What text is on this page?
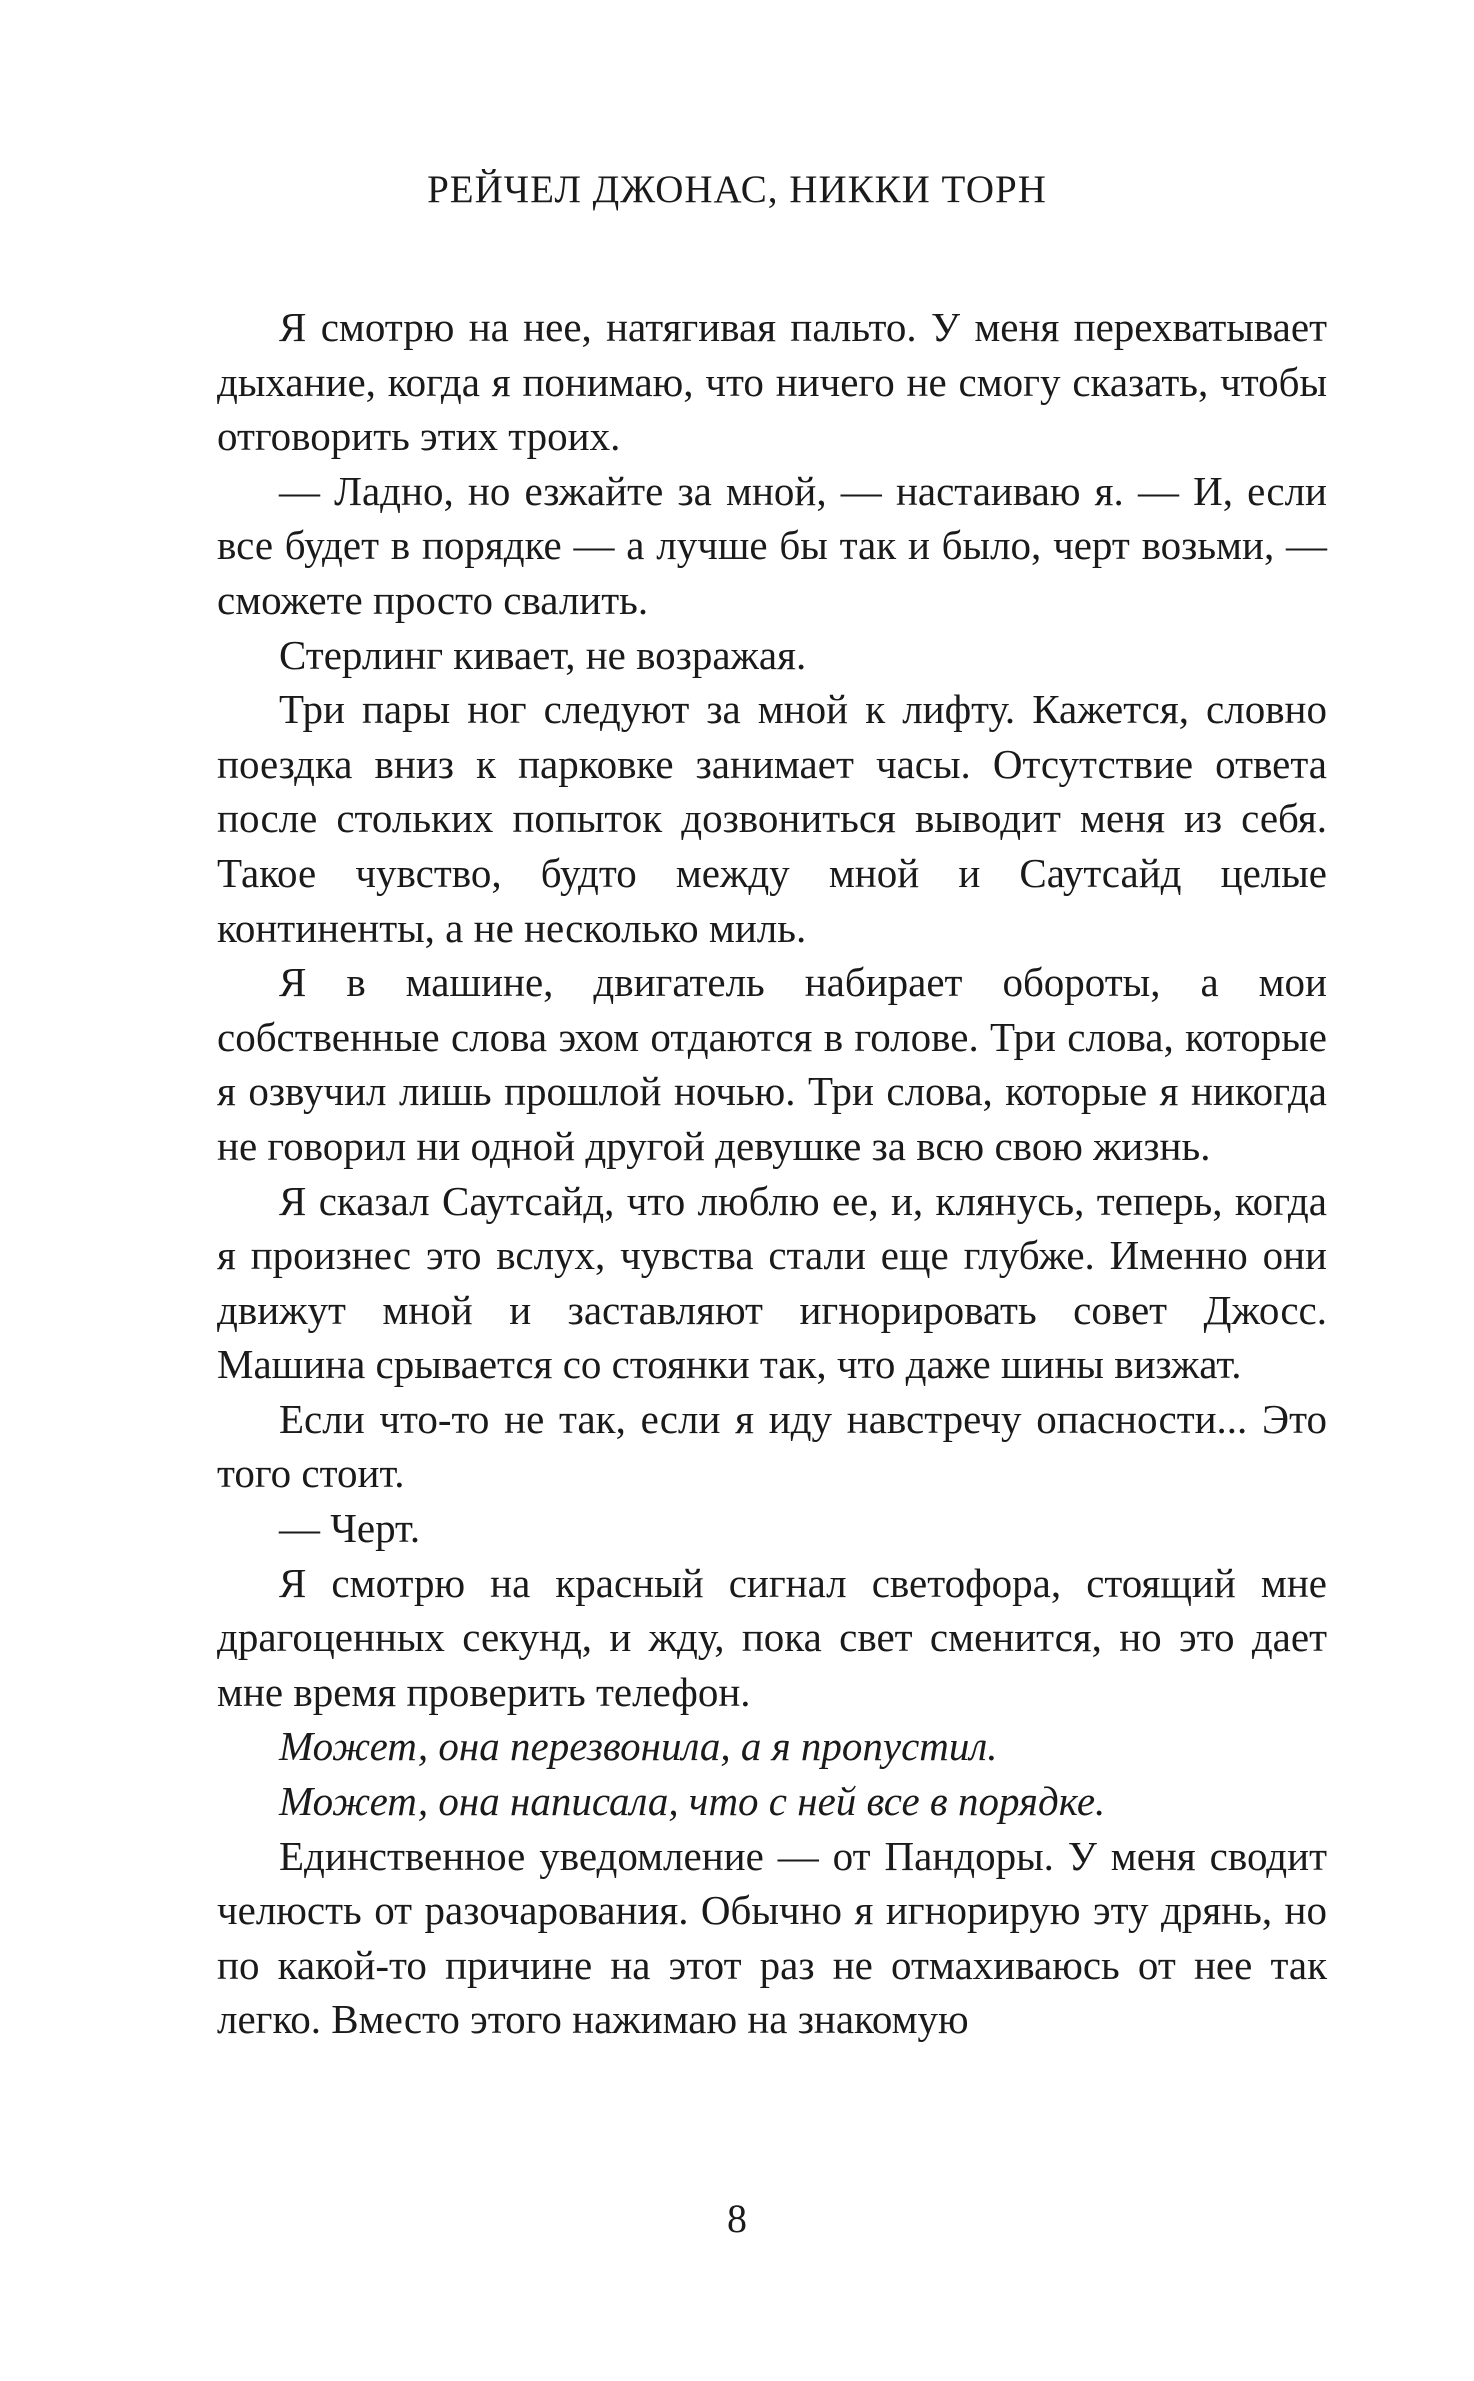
РЕЙЧЕЛ ДЖОНАС, НИККИ ТОРН

Я смотрю на нее, натягивая пальто. У меня перехватывает дыхание, когда я понимаю, что ничего не смогу сказать, чтобы отговорить этих троих.

— Ладно, но езжайте за мной, — настаиваю я. — И, если все будет в порядке — а лучше бы так и было, черт возьми, — сможете просто свалить.

Стерлинг кивает, не возражая.

Три пары ног следуют за мной к лифту. Кажется, словно поездка вниз к парковке занимает часы. Отсутствие ответа после стольких попыток дозвониться выводит меня из себя. Такое чувство, будто между мной и Саутсайд целые континенты, а не несколько миль.

Я в машине, двигатель набирает обороты, а мои собственные слова эхом отдаются в голове. Три слова, которые я озвучил лишь прошлой ночью. Три слова, которые я никогда не говорил ни одной другой девушке за всю свою жизнь.

Я сказал Саутсайд, что люблю ее, и, клянусь, теперь, когда я произнес это вслух, чувства стали еще глубже. Именно они движут мной и заставляют игнорировать совет Джосс. Машина срывается со стоянки так, что даже шины визжат.

Если что-то не так, если я иду навстречу опасности... Это того стоит.

— Черт.

Я смотрю на красный сигнал светофора, стоящий мне драгоценных секунд, и жду, пока свет сменится, но это дает мне время проверить телефон.

Может, она перезвонила, а я пропустил.

Может, она написала, что с ней все в порядке.

Единственное уведомление — от Пандоры. У меня сводит челюсть от разочарования. Обычно я игнорирую эту дрянь, но по какой-то причине на этот раз не отмахиваюсь от нее так легко. Вместо этого нажимаю на знакомую

8
